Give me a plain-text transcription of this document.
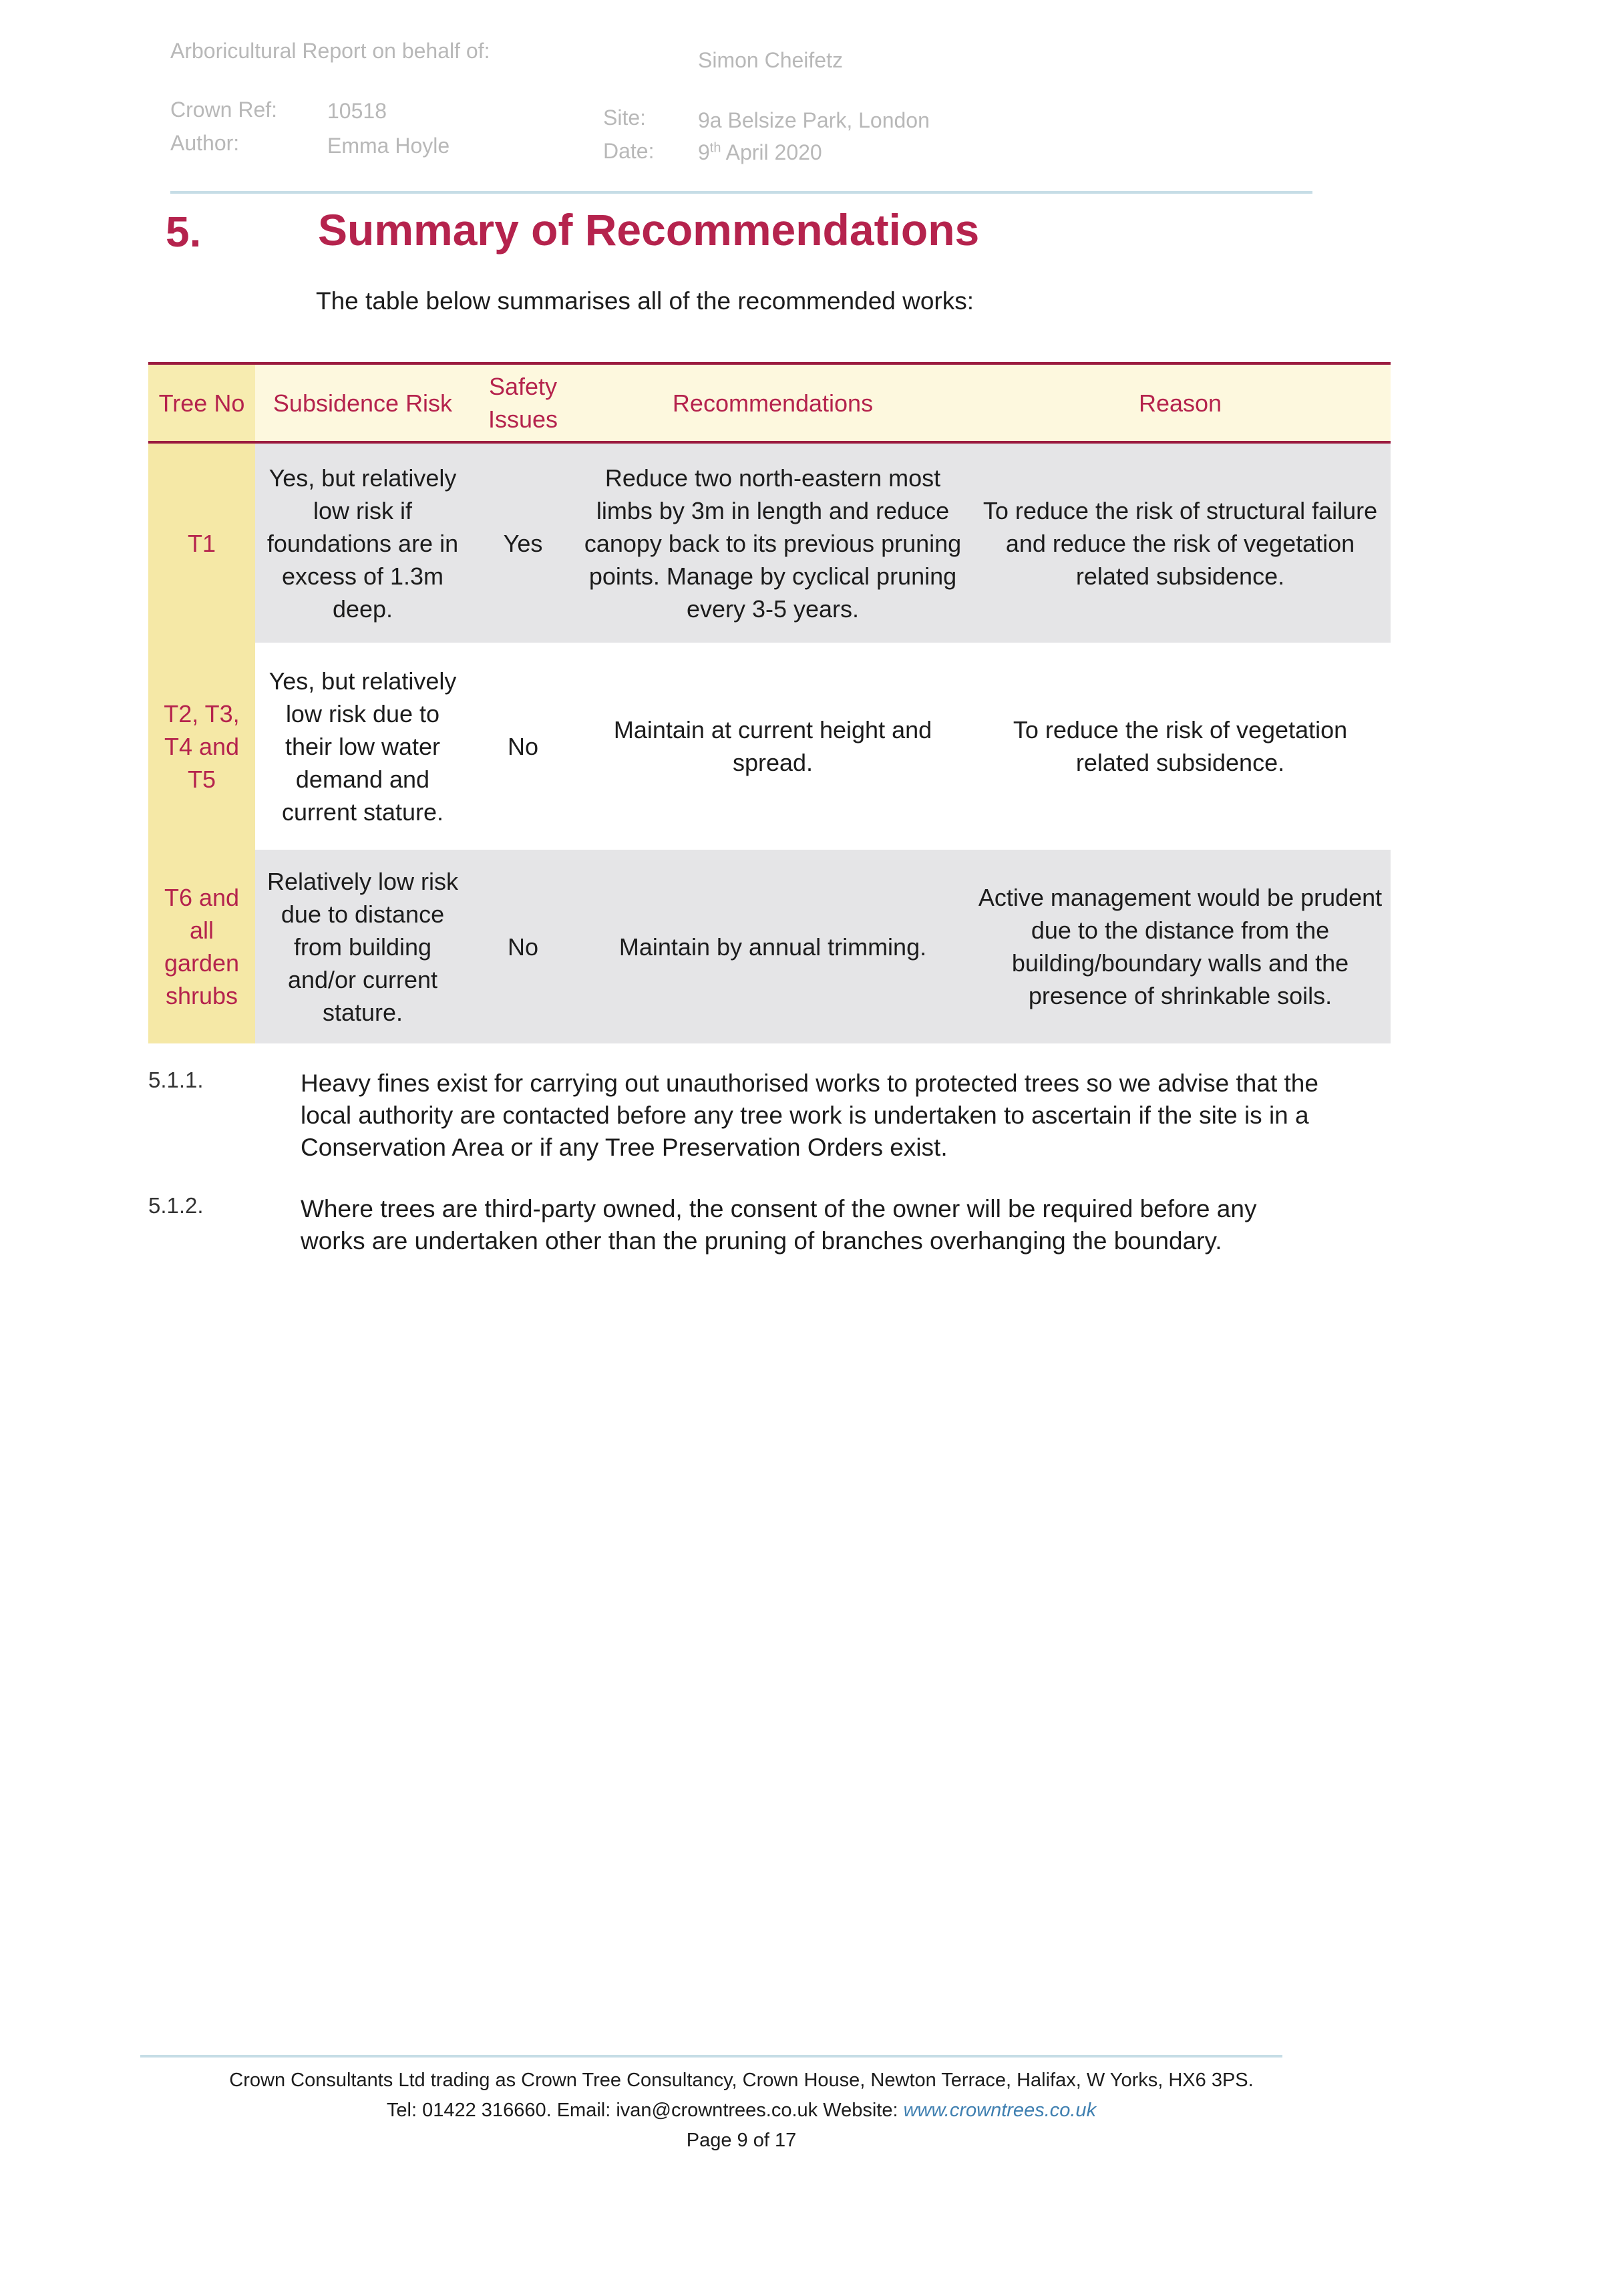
Arboricultural Report on behalf of:	Simon Cheifetz
Crown Ref: 10518
Author:	Emma Hoyle
Site: 9a Belsize Park, London
Date: 9th April 2020
5.	Summary of Recommendations
The table below summarises all of the recommended works:
Tree No	Subsidence Risk	Safety Issues	Recommendations	Reason
T1	Yes, but relatively low risk if foundations are in excess of 1.3m deep.	Yes	Reduce two north-eastern most limbs by 3m in length and reduce canopy back to its previous pruning points. Manage by cyclical pruning every 3-5 years.	To reduce the risk of structural failure and reduce the risk of vegetation related subsidence.
T2, T3, T4 and T5	Yes, but relatively low risk due to their low water demand and current stature.	No	Maintain at current height and spread.	To reduce the risk of vegetation related subsidence.
T6 and all garden shrubs	Relatively low risk due to distance from building and/or current stature.	No	Maintain by annual trimming.	Active management would be prudent due to the distance from the building/boundary walls and the presence of shrinkable soils.
5.1.1.	Heavy fines exist for carrying out unauthorised works to protected trees so we advise that the local authority are contacted before any tree work is undertaken to ascertain if the site is in a Conservation Area or if any Tree Preservation Orders exist.
5.1.2.	Where trees are third-party owned, the consent of the owner will be required before any works are undertaken other than the pruning of branches overhanging the boundary.
Crown Consultants Ltd trading as Crown Tree Consultancy, Crown House, Newton Terrace, Halifax, W Yorks, HX6 3PS.
Tel: 01422 316660. Email: ivan@crowntrees.co.uk Website: www.crowntrees.co.uk
Page 9 of 17
